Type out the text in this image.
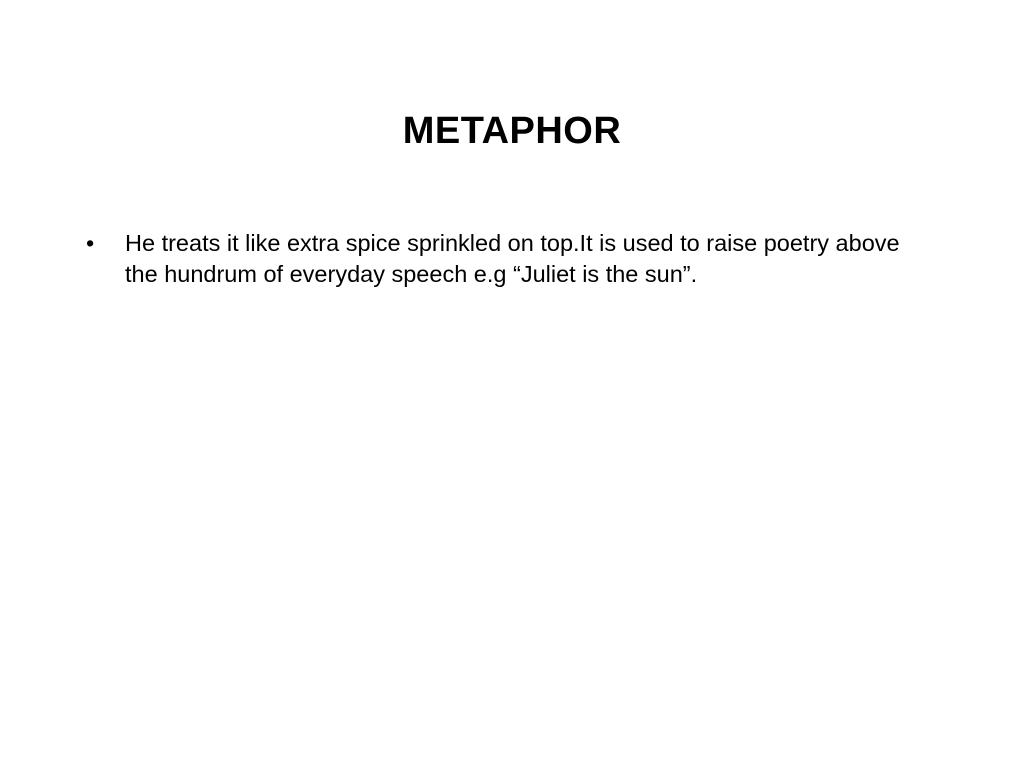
METAPHOR
• He treats it like extra spice sprinkled on top.It is used to raise poetry above the hundrum of everyday speech e.g “Juliet is the sun”.
